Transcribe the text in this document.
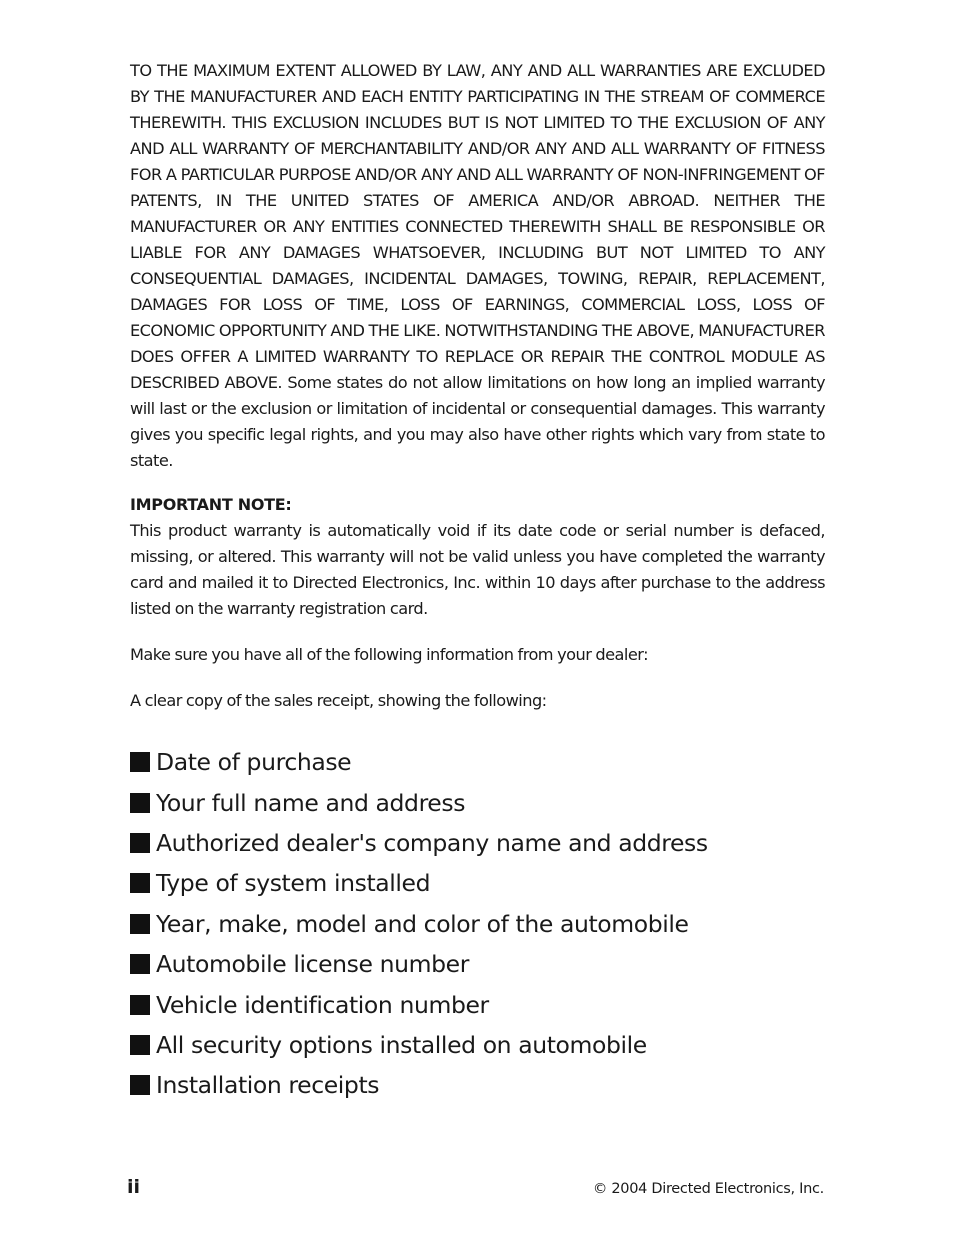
TO THE MAXIMUM EXTENT ALLOWED BY LAW, ANY AND ALL WARRANTIES ARE EXCLUDED BY THE MANUFACTURER AND EACH ENTITY PARTICIPATING IN THE STREAM OF COMMERCE THEREWITH. THIS EXCLUSION INCLUDES BUT IS NOT LIMITED TO THE EXCLUSION OF ANY AND ALL WARRANTY OF MERCHANTABILITY AND/OR ANY AND ALL WARRANTY OF FITNESS FOR A PARTICULAR PURPOSE AND/OR ANY AND ALL WARRANTY OF NON-INFRINGEMENT OF PATENTS, IN THE UNITED STATES OF AMERICA AND/OR ABROAD. NEITHER THE MANUFACTURER OR ANY ENTITIES CONNECTED THEREWITH SHALL BE RESPONSIBLE OR LIABLE FOR ANY DAMAGES WHATSOEVER, INCLUDING BUT NOT LIMITED TO ANY CONSEQUENTIAL DAMAGES, INCIDENTAL DAMAGES, TOWING, REPAIR, REPLACEMENT, DAMAGES FOR LOSS OF TIME, LOSS OF EARNINGS, COMMERCIAL LOSS, LOSS OF ECONOMIC OPPORTUNITY AND THE LIKE. NOTWITHSTANDING THE ABOVE, MANUFACTURER DOES OFFER A LIMITED WARRANTY TO REPLACE OR REPAIR THE CONTROL MODULE AS DESCRIBED ABOVE. Some states do not allow limitations on how long an implied warranty will last or the exclusion or limitation of incidental or consequential damages. This warranty gives you specific legal rights, and you may also have other rights which vary from state to state.

IMPORTANT NOTE:

This product warranty is automatically void if its date code or serial number is defaced, missing, or altered. This warranty will not be valid unless you have completed the warranty card and mailed it to Directed Electronics, Inc. within 10 days after purchase to the address listed on the warranty registration card.

Make sure you have all of the following information from your dealer:

A clear copy of the sales receipt, showing the following:

Date of purchase
Your full name and address
Authorized dealer's company name and address
Type of system installed
Year, make, model and color of the automobile
Automobile license number
Vehicle identification number
All security options installed on automobile
Installation receipts
ii	© 2004 Directed Electronics, Inc.
